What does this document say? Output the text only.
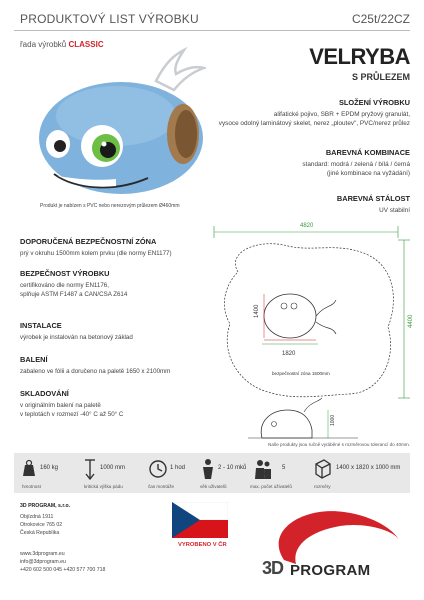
PRODUKTOVÝ LIST VÝROBKU	C25t/22CZ
řada výrobků CLASSIC	VELRYBA
S PRŮLEZEM
Produkt je nabízen s PVC nebo nerezovým průlezem Ø460mm
SLOŽENÍ VÝROBKU
alifatické pojivo, SBR + EPDM pryžový granulát,
vysoce odolný laminátový skelet, nerez „ploutev", PVC/nerez průlez
BAREVNÁ KOMBINACE
standard: modrá / zelená / bílá / černá
(jiné kombinace na vyžádání)
BAREVNÁ STÁLOST
UV stabilní
DOPORUČENÁ BEZPEČNOSTNÍ ZÓNA
prý v okruhu 1500mm kolem prvku (dle normy EN1177)
BEZPEČNOST VÝROBKU
certifikováno dle normy EN1176,
splňuje ASTM F1487 a CAN/CSA Z614
INSTALACE
výrobek je instalován na betonový základ
BALENÍ
zabaleno ve fólii a doručeno na paletě 1650 x 2100mm
SKLADOVÁNÍ
v originálním balení na paletě
v teplotách v rozmezí -40° C až 50° C
4820
4400
1820
1400
bezpečnostní zóna 1500mm
1000
Naše produkty jsou ručně vyráběné s rozměrovou tolerancí do 40mm.
160 kg
hmotnost
1000 mm
kritická výška pádu
1 hod
čas montáže
2 - 10 mků
věk uživatelů
5
max. počet uživatelů
1400 x 1820 x 1000 mm
rozměry
3D PROGRAM, s.r.o.
Objízdná 1911
Otrokovice 765 02
Česká Republika
www.3dprogram.eu
info@3dprogram.eu
+420 602 500 045 +420 577 700 718
VYROBENO V ČR
3D PROGRAM
